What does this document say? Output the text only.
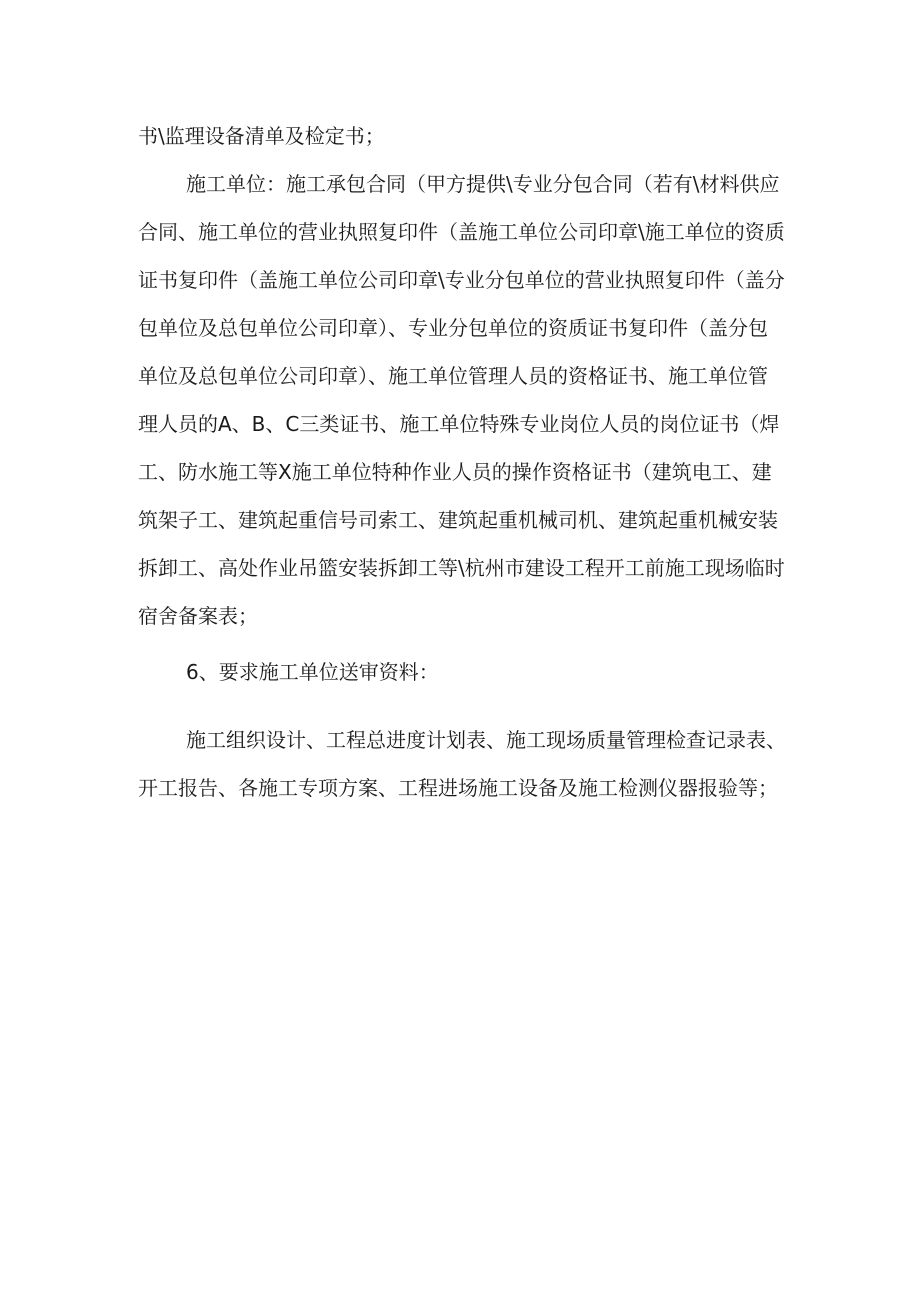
书\监理设备清单及检定书；
施工单位：施工承包合同（甲方提供\专业分包合同（若有\材料供应
合同、施工单位的营业执照复印件（盖施工单位公司印章\施工单位的资质
证书复印件（盖施工单位公司印章\专业分包单位的营业执照复印件（盖分
包单位及总包单位公司印章）、专业分包单位的资质证书复印件（盖分包
单位及总包单位公司印章）、施工单位管理人员的资格证书、施工单位管
理人员的A、B、C三类证书、施工单位特殊专业岗位人员的岗位证书（焊
工、防水施工等X施工单位特种作业人员的操作资格证书（建筑电工、建
筑架子工、建筑起重信号司索工、建筑起重机械司机、建筑起重机械安装
拆卸工、高处作业吊篮安装拆卸工等\杭州市建设工程开工前施工现场临时
宿舍备案表；
6、要求施工单位送审资料：
施工组织设计、工程总进度计划表、施工现场质量管理检查记录表、
开工报告、各施工专项方案、工程进场施工设备及施工检测仪器报验等；
